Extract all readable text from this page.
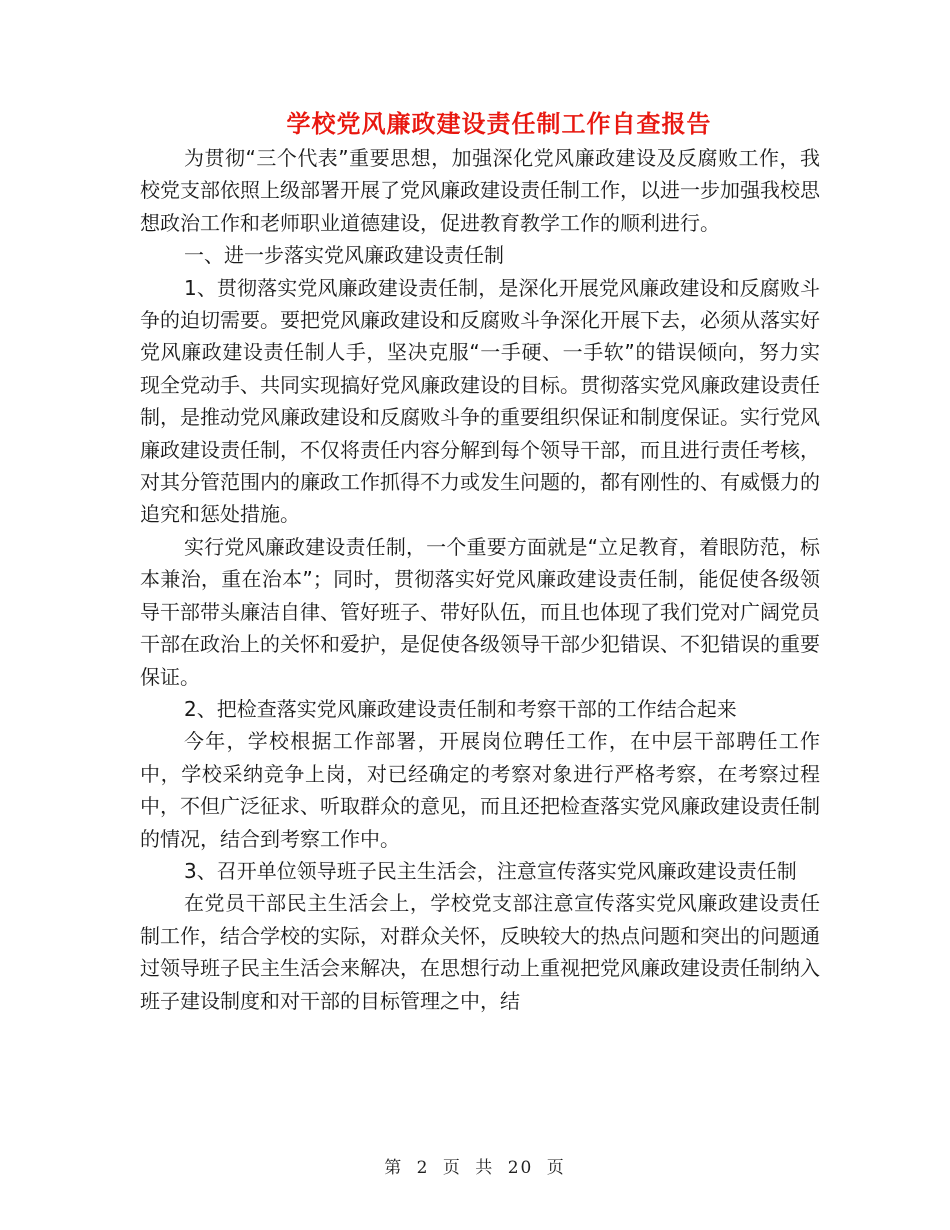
学校党风廉政建设责任制工作自查报告

为贯彻“三个代表”重要思想，加强深化党风廉政建设及反腐败工作，我校党支部依照上级部署开展了党风廉政建设责任制工作，以进一步加强我校思想政治工作和老师职业道德建设，促进教育教学工作的顺利进行。

一、进一步落实党风廉政建设责任制

1、贯彻落实党风廉政建设责任制，是深化开展党风廉政建设和反腐败斗争的迫切需要。要把党风廉政建设和反腐败斗争深化开展下去，必须从落实好党风廉政建设责任制人手，坚决克服“一手硬、一手软”的错误倾向，努力实现全党动手、共同实现搞好党风廉政建设的目标。贯彻落实党风廉政建设责任制，是推动党风廉政建设和反腐败斗争的重要组织保证和制度保证。实行党风廉政建设责任制，不仅将责任内容分解到每个领导干部，而且进行责任考核，对其分管范围内的廉政工作抓得不力或发生问题的，都有刚性的、有威慑力的追究和惩处措施。

实行党风廉政建设责任制，一个重要方面就是“立足教育，着眼防范，标本兼治，重在治本”；同时，贯彻落实好党风廉政建设责任制，能促使各级领导干部带头廉洁自律、管好班子、带好队伍，而且也体现了我们党对广阔党员干部在政治上的关怀和爱护，是促使各级领导干部少犯错误、不犯错误的重要保证。

2、把检查落实党风廉政建设责任制和考察干部的工作结合起来

今年，学校根据工作部署，开展岗位聘任工作，在中层干部聘任工作中，学校采纳竞争上岗，对已经确定的考察对象进行严格考察，在考察过程中，不但广泛征求、听取群众的意见，而且还把检查落实党风廉政建设责任制的情况，结合到考察工作中。

3、召开单位领导班子民主生活会，注意宣传落实党风廉政建设责任制

在党员干部民主生活会上，学校党支部注意宣传落实党风廉政建设责任制工作，结合学校的实际，对群众关怀，反映较大的热点问题和突出的问题通过领导班子民主生活会来解决，在思想行动上重视把党风廉政建设责任制纳入班子建设制度和对干部的目标管理之中，结

第 2 页 共 20 页
